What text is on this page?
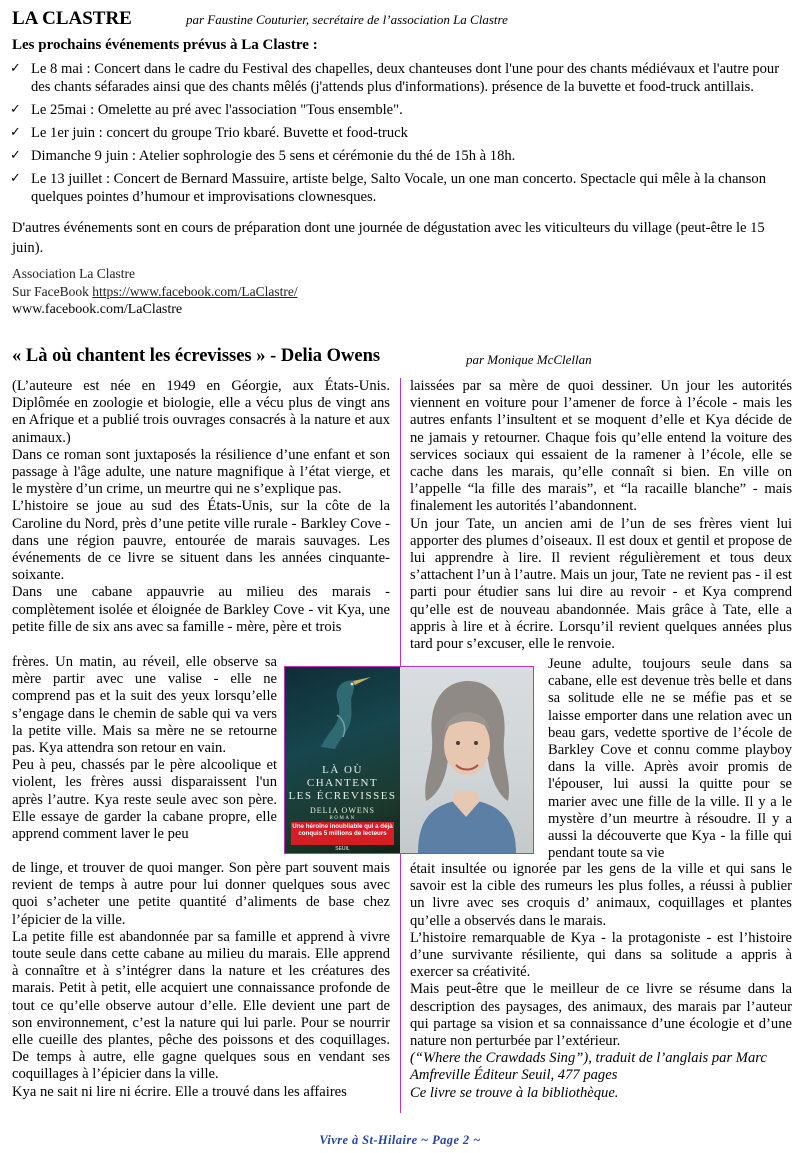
LA CLASTRE	par Faustine Couturier, secrétaire de l’association La Clastre
Les prochains événements prévus à La Clastre :
✓ Le 8 mai : Concert dans le cadre du Festival des chapelles, deux chanteuses dont l'une pour des chants médiévaux et l'autre pour
des chants séfarades ainsi que des chants mêlés (j'attends plus d'informations). présence de la buvette et food-truck antillais.
✓ Le 25mai : Omelette au pré avec l'association "Tous ensemble".
✓ Le 1er juin : concert du groupe Trio kbaré. Buvette et food-truck
✓ Dimanche 9 juin : Atelier sophrologie des 5 sens et cérémonie du thé de 15h à 18h.
✓ Le 13 juillet : Concert de Bernard Massuire, artiste belge, Salto Vocale, un one man concerto. Spectacle qui mêle à la chanson
quelques pointes d’humour et improvisations clownesques.
D'autres événements sont en cours de préparation dont une journée de dégustation avec les viticulteurs du village (peut-être le 15 juin).
Association La Clastre
Sur FaceBook https://www.facebook.com/LaClastre/
www.facebook.com/LaClastre
« Là où chantent les écrevisses » - Delia Owens	par Monique McClellan

(L’auteure est née en 1949 en Géorgie, aux États-Unis. Diplômée en zoologie et biologie, elle a vécu plus de vingt ans en Afrique et a publié trois ouvrages consacrés à la nature et aux animaux.)

Dans ce roman sont juxtaposés la résilience d’une enfant et son passage à l'âge adulte, une nature magnifique à l’état vierge, et le mystère d’un crime, un meurtre qui ne s’explique pas.

L’histoire se joue au sud des États-Unis, sur la côte de la Caroline du Nord, près d’une petite ville rurale - Barkley Cove - dans une région pauvre, entourée de marais sauvages. Les événements de ce livre se situent dans les années cinquante-soixante.

Dans une cabane appauvrie au milieu des marais - complètement isolée et éloignée de Barkley Cove - vit Kya, une petite fille de six ans avec sa famille - mère, père et trois

frères. Un matin, au réveil, elle observe sa mère partir avec une valise - elle ne comprend pas et la suit des yeux lorsqu’elle s’engage dans le chemin de sable qui va vers la petite ville. Mais sa mère ne se retourne pas. Kya attendra son retour en vain.

Peu à peu, chassés par le père alcoolique et violent, les frères aussi disparaissent l'un après l’autre. Kya reste seule avec son père. Elle essaye de garder la cabane propre, elle apprend comment laver le peu

de linge, et trouver de quoi manger. Son père part souvent mais revient de temps à autre pour lui donner quelques sous avec quoi s’acheter une petite quantité d’aliments de base chez l’épicier de la ville.

La petite fille est abandonnée par sa famille et apprend à vivre toute seule dans cette cabane au milieu du marais. Elle apprend à connaître et à s’intégrer dans la nature et les créatures des marais. Petit à petit, elle acquiert une connaissance profonde de tout ce qu’elle observe autour d’elle. Elle devient une part de son environnement, c’est la nature qui lui parle. Pour se nourrir elle cueille des plantes, pêche des poissons et des coquillages. De temps à autre, elle gagne quelques sous en vendant ses coquillages à l’épicier dans la ville.

Kya ne sait ni lire ni écrire. Elle a trouvé dans les affaires

laissées par sa mère de quoi dessiner. Un jour les autorités viennent en voiture pour l’amener de force à l’école - mais les autres enfants l’insultent et se moquent d’elle et Kya décide de ne jamais y retourner. Chaque fois qu’elle entend la voiture des services sociaux qui essaient de la ramener à l’école, elle se cache dans les marais, qu’elle connaît si bien. En ville on l’appelle “la fille des marais”, et “la racaille blanche” - mais finalement les autorités l’abandonnent.

Un jour Tate, un ancien ami de l’un de ses frères vient lui apporter des plumes d’oiseaux. Il est doux et gentil et propose de lui apprendre à lire. Il revient régulièrement et tous deux s’attachent l’un à l’autre. Mais un jour, Tate ne revient pas - il est parti pour étudier sans lui dire au revoir - et Kya comprend qu’elle est de nouveau abandonnée. Mais grâce à Tate, elle a appris à lire et à écrire. Lorsqu’il revient quelques années plus tard pour s’excuser, elle le renvoie.

Jeune adulte, toujours seule dans sa cabane, elle est devenue très belle et dans sa solitude elle ne se méfie pas et se laisse emporter dans une relation avec un beau gars, vedette sportive de l’école de Barkley Cove et connu comme playboy dans la ville. Après avoir promis de l'épouser, lui aussi la quitte pour se marier avec une fille de la ville. Il y a le mystère d’un meurtre à résoudre. Il y a aussi la découverte que Kya - la fille qui pendant toute sa vie

était insultée ou ignorée par les gens de la ville et qui sans le savoir est la cible des rumeurs les plus folles, a réussi à publier un livre avec ses croquis d’ animaux, coquillages et plantes qu’elle a observés dans le marais.

L’histoire remarquable de Kya - la protagoniste - est l’histoire d’une survivante résiliente, qui dans sa solitude a appris à exercer sa créativité.

Mais peut-être que le meilleur de ce livre se résume dans la description des paysages, des animaux, des marais par l’auteur qui partage sa vision et sa connaissance d’une écologie et d’une nature non perturbée par l’extérieur.

(“Where the Crawdads Sing”), traduit de l’anglais par Marc Amfreville Éditeur Seuil, 477 pages

Ce livre se trouve à la bibliothèque.

LÀ OÙ
CHANTENT
LES ÉCREVISSES
DELIA OWENS
ROMAN
Une héroïne inoubliable qui a déjà conquis 5 millions de lecteurs
SEUIL
Vivre à St-Hilaire ~ Page 2 ~
